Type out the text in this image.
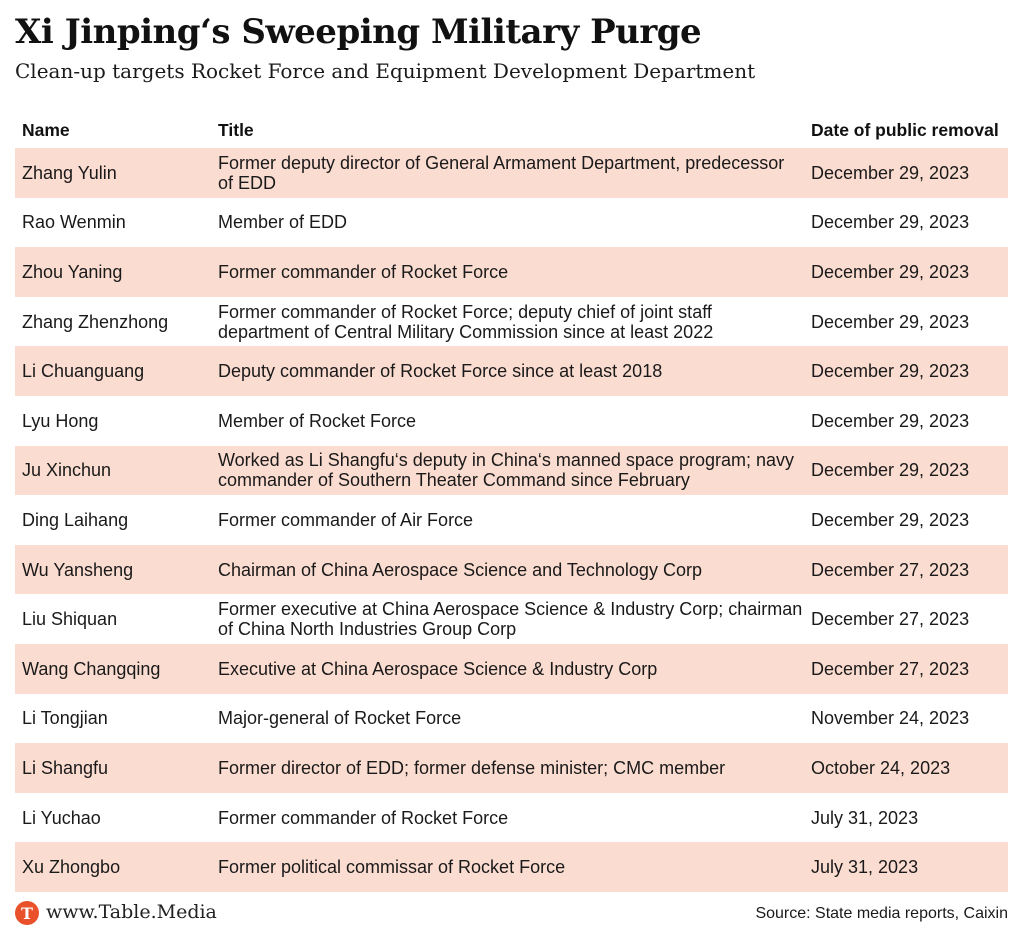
Xi Jinping‘s Sweeping Military Purge
Clean-up targets Rocket Force and Equipment Development Department
Name	Title	Date of public removal
Zhang Yulin	Former deputy director of General Armament Department, predecessor of EDD	December 29, 2023
Rao Wenmin	Member of EDD	December 29, 2023
Zhou Yaning	Former commander of Rocket Force	December 29, 2023
Zhang Zhenzhong	Former commander of Rocket Force; deputy chief of joint staff department of Central Military Commission since at least 2022	December 29, 2023
Li Chuanguang	Deputy commander of Rocket Force since at least 2018	December 29, 2023
Lyu Hong	Member of Rocket Force	December 29, 2023
Ju Xinchun	Worked as Li Shangfu‘s deputy in China‘s manned space program; navy commander of Southern Theater Command since February	December 29, 2023
Ding Laihang	Former commander of Air Force	December 29, 2023
Wu Yansheng	Chairman of China Aerospace Science and Technology Corp	December 27, 2023
Liu Shiquan	Former executive at China Aerospace Science & Industry Corp; chairman of China North Industries Group Corp	December 27, 2023
Wang Changqing	Executive at China Aerospace Science & Industry Corp	December 27, 2023
Li Tongjian	Major-general of Rocket Force	November 24, 2023
Li Shangfu	Former director of EDD; former defense minister; CMC member	October 24, 2023
Li Yuchao	Former commander of Rocket Force	July 31, 2023
Xu Zhongbo	Former political commissar of Rocket Force	July 31, 2023
T www.Table.Media	Source: State media reports, Caixin
